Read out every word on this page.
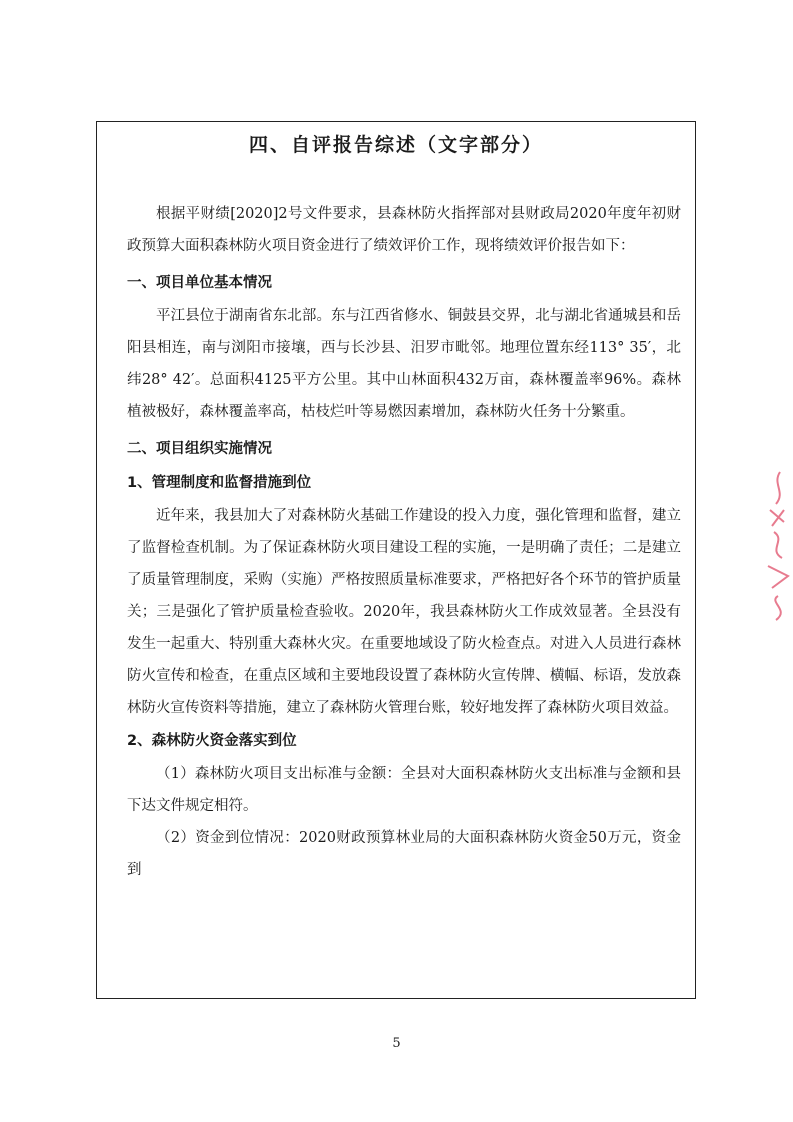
四、自评报告综述（文字部分）

根据平财绩[2020]2号文件要求，县森林防火指挥部对县财政局2020年度年初财政预算大面积森林防火项目资金进行了绩效评价工作，现将绩效评价报告如下：

一、项目单位基本情况

平江县位于湖南省东北部。东与江西省修水、铜鼓县交界，北与湖北省通城县和岳阳县相连，南与浏阳市接壤，西与长沙县、汨罗市毗邻。地理位置东经113° 35′，北纬28° 42′。总面积4125平方公里。其中山林面积432万亩，森林覆盖率96%。森林植被极好，森林覆盖率高，枯枝烂叶等易燃因素增加，森林防火任务十分繁重。

二、项目组织实施情况
1、管理制度和监督措施到位

近年来，我县加大了对森林防火基础工作建设的投入力度，强化管理和监督，建立了监督检查机制。为了保证森林防火项目建设工程的实施，一是明确了责任；二是建立了质量管理制度，采购（实施）严格按照质量标准要求，严格把好各个环节的管护质量关；三是强化了管护质量检查验收。2020年，我县森林防火工作成效显著。全县没有发生一起重大、特别重大森林火灾。在重要地域设了防火检查点。对进入人员进行森林防火宣传和检查，在重点区域和主要地段设置了森林防火宣传牌、横幅、标语，发放森林防火宣传资料等措施，建立了森林防火管理台账，较好地发挥了森林防火项目效益。

2、森林防火资金落实到位

（1）森林防火项目支出标准与金额：全县对大面积森林防火支出标准与金额和县下达文件规定相符。

（2）资金到位情况：2020财政预算林业局的大面积森林防火资金50万元，资金到

5
